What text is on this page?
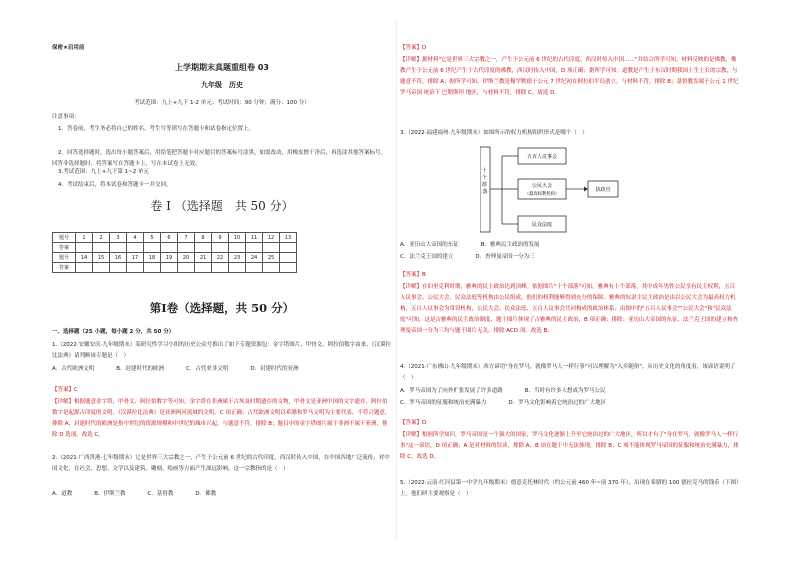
保密★启用前
上学期期末真题重组卷 03
九年级　历史
考试范围：九上+九下 1-2 单元；考试时间：90 分钟；满分：100 分）
注意事项：
1．答卷前，考生务必将自己的姓名、考生号等填写在答题卡和试卷指定位置上。
2．回答选择题时，选出每小题答案后，用铅笔把答题卡对应题目的答案标号涂黑。如需改动，用橡皮擦干净后，再选涂其他答案标号。回答非选择题时，将答案写在答题卡上，写在本试卷上无效。
3.考试范围：九上+九下第 1~2 单元
4．考试结束后，将本试卷和答题卡一并交回。
卷 I （选择题　共 50 分）
第Ⅰ卷（选择题，共 50 分）
一、选择题（25 小题，每小题 2 分，共 50 分）
1.（2022·安徽安庆·九年级期末）某研究性学习小组的历史公众号推出了如下专题资源包：金字塔图片、甲骨文、阿拉伯数字由来、《汉谟拉比法典》请判断该专题是（　）
A．古代欧洲文明	B．封建时代的欧洲	C．古代亚非文明	D．封建时代的亚洲
【答案】C
【详解】根据题意金字塔、甲骨文、阿拉伯数字等可知，金字塔在非洲属于古埃及时期遗存的文物，甲骨文是亚洲中国的文字遗存，阿拉伯数字是起源古印度的文明，《汉谟拉比法典》是亚洲两河流域的文明，C 项正确；古代欧洲文明以希腊和罗马文明为主要代表，不符合题意，排除 A；封建时代的欧洲是指中世纪的资源规模和中世纪的城市兴起，与题意不符，排除 B；题目中的金字塔图片属于非洲不属于亚洲，排除 D 选项。故选 C。
2.（2021·广西贵港·七年级期末）它是世界三大宗教之一，产生于公元前 6 世纪的古代印度，西汉时传入中国，在中国各地广泛流传，对中国文化，在社会、思想、文学以及建筑、雕刻、绘画等方面产生深远影响。这一宗教指的是（　）
A．道教	B．伊斯兰教	C．基督教	D．佛教
题号	1	2	3	4	5	6	7	8	9	10	11	12	13
答案													
题号	14	15	16	17	18	19	20	21	22	23	24	25	
答案													
【答案】D
【详解】据材料"它是世界三大宗教之一，产生于公元前 6 世纪的古代印度，西汉时传入中国……"并结合所学可知，材料反映的是佛教，佛教产生于公元前 6 世纪产生于古代印度的佛教，西汉时传入中国，D 项正确；据所学可知，道教是产生于东汉时期我国土生土长的宗教，与题意不符，排除 A；据所学可知，伊斯兰教是穆罕默德于公元 7 世纪初在阿拉伯半岛创立，与材料不符，排除 B；基督教发端于公元 1 世纪 罗马帝国 统治下 巴勒斯坦 地区，与材料不符，排除 C。故选 D。
3.（2022·福建福州·九年级期末）如图所示的权力机构组织形式是哪个（　）
十 个 部 落
五百人议事会
公民大会
（最高权利机构）
民众法庭
执政官
A．亚历山大帝国的东征	B．雅典民主政治的发展
C．法兰克王国的建立	D．查理曼帝国一分为三
【答案】B
【详解】在伯里克利时期，雅典的民主政治达到顶峰。依据图片"十个部落"可知，雅典有十个部落，其中成年男性公民享有民主权利，五百人议事会、公民大会、民众法庭等机构由公民组成，他们的权利能够得到充分的保障。雅典的奴隶主民主政治是由以公民大会为最高权力机构，五百人议事会为常设机构，公民大会、民众法庭、五百人议事会共同构成的政治体系；由图中的"五百人议事会""公民大会"和"民众法庭"可知，这是古雅典的民主政治制度，题干图片体现了古雅典的民主政治，B 项正确；排除：亚历山大帝国的东征、法兰克王国的建立和查理曼帝国一分为三均与题干图片无关，排除 ACD 项。故选 B。
4.（2021·广东佛山·九年级期末）西方谚语"身在罗马，就像罗马人一样行事"可以理解为"入乡随俗"。从历史文化的角度看，该谚语说明了（　）
A．罗马帝国为了向外扩张发展了许多道路	B．当时有许多人想成为罗马公民
C．罗马帝国的征服和统治充满暴力	D．罗马文化影响着它统治过的广大地区
【答案】D
【详解】根据所学知识，罗马帝国是一个强大的国家，罗马文化逐渐上升至它统治过的广大地区，所以才有了"身在罗马，就像罗马人一样行事"这一谚语，D 项正确；A 是对材料的误读，排除 A；B 项在题干中无法体现，排除 B；C 项不能体现罗马帝国的征服和统治充满暴力，排除 C。故选 D。
5.（2022·云南·红河县第一中学九年级期末）德意克托林时代（约公元前 460 年~前 370 年），出现在希腊的 100 德拉克马的钱币（下图）上。他们研主要观察是（　）
